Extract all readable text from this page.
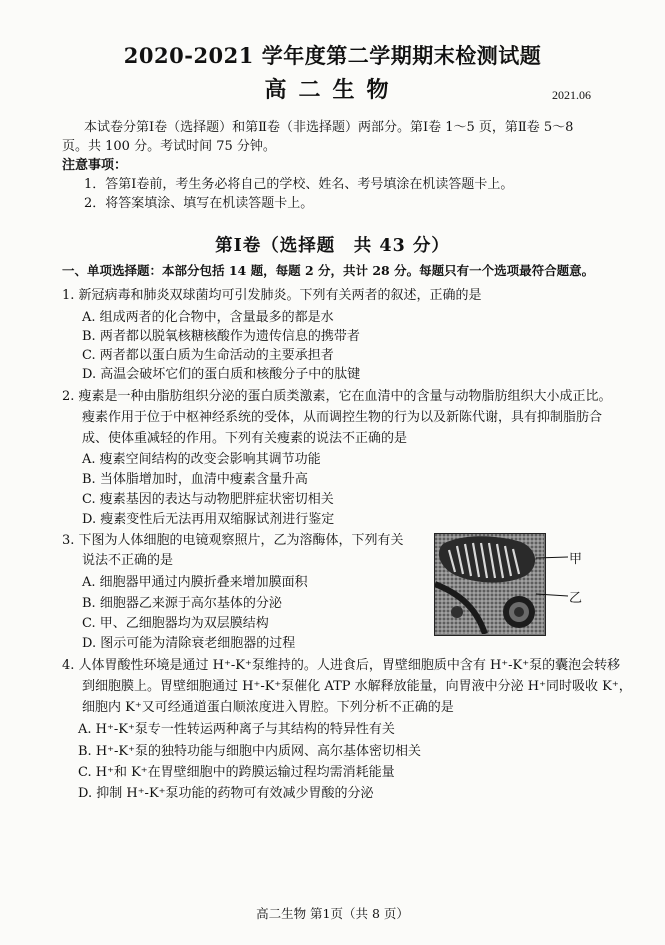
2020-2021 学年度第二学期期末检测试题
高二生物	2021.06
本试卷分第Ⅰ卷（选择题）和第Ⅱ卷（非选择题）两部分。第Ⅰ卷 1～5 页，第Ⅱ卷 5～8
页。共 100 分。考试时间 75 分钟。
注意事项：
1．答第Ⅰ卷前，考生务必将自己的学校、姓名、考号填涂在机读答题卡上。
2．将答案填涂、填写在机读答题卡上。
第Ⅰ卷（选择题　共 43 分）
一、单项选择题：本部分包括 14 题，每题 2 分，共计 28 分。每题只有一个选项最符合题意。
1. 新冠病毒和肺炎双球菌均可引发肺炎。下列有关两者的叙述，正确的是
A. 组成两者的化合物中，含量最多的都是水
B. 两者都以脱氧核糖核酸作为遗传信息的携带者
C. 两者都以蛋白质为生命活动的主要承担者
D. 高温会破坏它们的蛋白质和核酸分子中的肽键
2. 瘦素是一种由脂肪组织分泌的蛋白质类激素，它在血清中的含量与动物脂肪组织大小成正比。
瘦素作用于位于中枢神经系统的受体，从而调控生物的行为以及新陈代谢，具有抑制脂肪合
成、使体重减轻的作用。下列有关瘦素的说法不正确的是
A. 瘦素空间结构的改变会影响其调节功能
B. 当体脂增加时，血清中瘦素含量升高
C. 瘦素基因的表达与动物肥胖症状密切相关
D. 瘦素变性后无法再用双缩脲试剂进行鉴定
3. 下图为人体细胞的电镜观察照片，乙为溶酶体，下列有关
说法不正确的是
A. 细胞器甲通过内膜折叠来增加膜面积
B. 细胞器乙来源于高尔基体的分泌
C. 甲、乙细胞器均为双层膜结构
D. 图示可能为清除衰老细胞器的过程
甲
乙
4. 人体胃酸性环境是通过 H⁺-K⁺泵维持的。人进食后，胃壁细胞质中含有 H⁺-K⁺泵的囊泡会转移
到细胞膜上。胃壁细胞通过 H⁺-K⁺泵催化 ATP 水解释放能量，向胃液中分泌 H⁺同时吸收 K⁺，
细胞内 K⁺又可经通道蛋白顺浓度进入胃腔。下列分析不正确的是
A. H⁺-K⁺泵专一性转运两种离子与其结构的特异性有关
B. H⁺-K⁺泵的独特功能与细胞中内质网、高尔基体密切相关
C. H⁺和 K⁺在胃壁细胞中的跨膜运输过程均需消耗能量
D. 抑制 H⁺-K⁺泵功能的药物可有效减少胃酸的分泌
高二生物 第1页（共 8 页）
